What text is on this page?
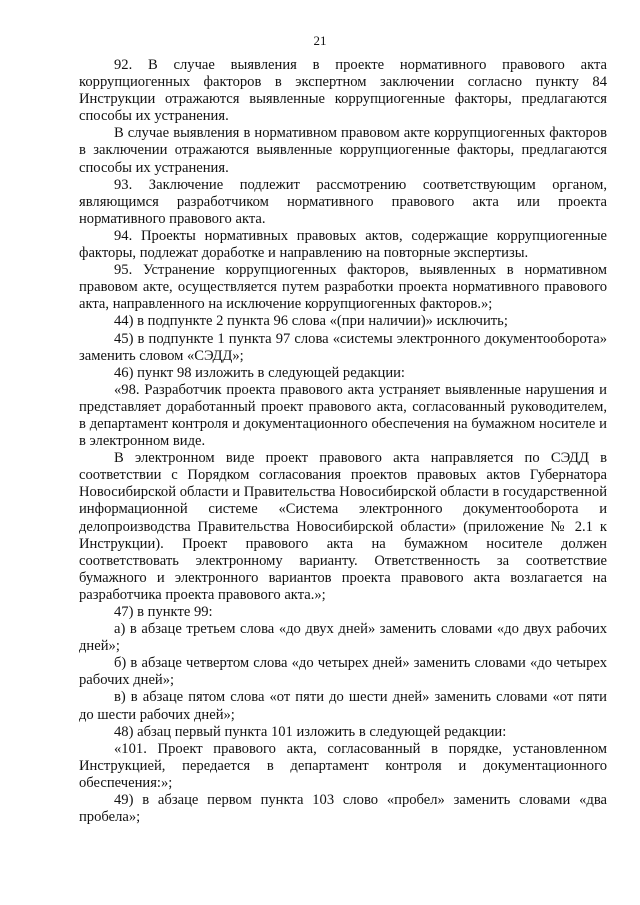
21

92. В случае выявления в проекте нормативного правового акта коррупциогенных факторов в экспертном заключении согласно пункту 84 Инструкции отражаются выявленные коррупциогенные факторы, предлагаются способы их устранения.

В случае выявления в нормативном правовом акте коррупциогенных факторов в заключении отражаются выявленные коррупциогенные факторы, предлагаются способы их устранения.

93. Заключение подлежит рассмотрению соответствующим органом, являющимся разработчиком нормативного правового акта или проекта нормативного правового акта.

94. Проекты нормативных правовых актов, содержащие коррупциогенные факторы, подлежат доработке и направлению на повторные экспертизы.

95. Устранение коррупциогенных факторов, выявленных в нормативном правовом акте, осуществляется путем разработки проекта нормативного правового акта, направленного на исключение коррупциогенных факторов.»;

44) в подпункте 2 пункта 96 слова «(при наличии)» исключить;

45) в подпункте 1 пункта 97 слова «системы электронного документооборота» заменить словом «СЭДД»;

46) пункт 98 изложить в следующей редакции:

«98. Разработчик проекта правового акта устраняет выявленные нарушения и представляет доработанный проект правового акта, согласованный руководителем, в департамент контроля и документационного обеспечения на бумажном носителе и в электронном виде.

В электронном виде проект правового акта направляется по СЭДД в соответствии с Порядком согласования проектов правовых актов Губернатора Новосибирской области и Правительства Новосибирской области в государственной информационной системе «Система электронного документооборота и делопроизводства Правительства Новосибирской области» (приложение № 2.1 к Инструкции). Проект правового акта на бумажном носителе должен соответствовать электронному варианту. Ответственность за соответствие бумажного и электронного вариантов проекта правового акта возлагается на разработчика проекта правового акта.»;

47) в пункте 99:

а) в абзаце третьем слова «до двух дней» заменить словами «до двух рабочих дней»;

б) в абзаце четвертом слова «до четырех дней» заменить словами «до четырех рабочих дней»;

в) в абзаце пятом слова «от пяти до шести дней» заменить словами «от пяти до шести рабочих дней»;

48) абзац первый пункта 101 изложить в следующей редакции:

«101. Проект правового акта, согласованный в порядке, установленном Инструкцией, передается в департамент контроля и документационного обеспечения:»;

49) в абзаце первом пункта 103 слово «пробел» заменить словами «два пробела»;
